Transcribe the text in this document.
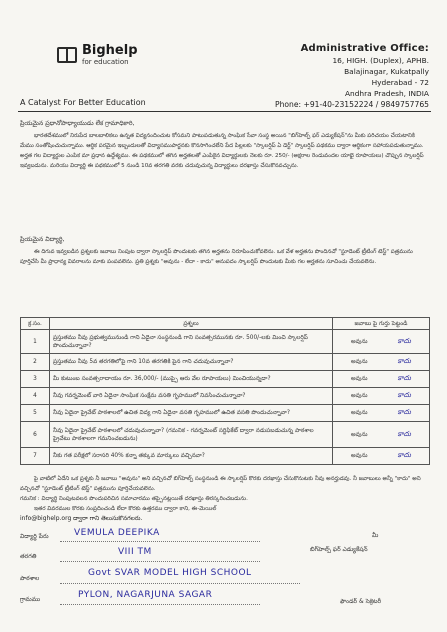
Bighelp
for education
A Catalyst For Better Education
Administrative Office:
16, HIGH. (Duplex), APHB.
Balajinagar, Kukatpally
Hyderabad - 72
Andhra Pradesh, INDIA
Phone: +91-40-23152224 / 9849757765
ప్రియమైన ప్రధానోపాధ్యాయుడు లేక గ్రామాధికారి,
భారతదేశములో నిరుపేద బాలబాలికలు ఉన్నత విద్యనందించుట కోసమని పాటుపడుతున్న సాంఘిక సేవా సంస్థ అయిన "బిగ్‌హెల్ప్ ఫర్ ఎడ్యుకేషన్"ను మీకు పరిచయం చేయటానికి మేము సంతోషించుచున్నాము. ఆర్థిక పరమైన ఇబ్బందులతో విద్యాసముపార్జనకు కొనసాగించలేని పేద పిల్లలకు "స్కాలర్షిప్ ఏ డెర్ట్" స్కాలర్షిప్ పథకము ద్వారా ఆర్థికంగా సహాయపడుతున్నాము. అర్హత గల విద్యార్థుల ఎంపిక మా ప్రధాన ఉద్దేశ్యము. ఈ పథకములో తగిన అర్హతలతో ఎంపికైన విద్యార్థులకు నెలకు రూ. 250/- (అక్షరాల రెండువందల యాభై రూపాయలు) చొప్పున స్కాలర్షిప్ ఇవ్వబడును. మరియు విద్యార్థి ఈ పథకములో 5 నుండి 10వ తరగతి వరకు చదువుచున్న విద్యార్థులు దరఖాస్తు చేసుకొనవచ్చును.
ప్రియమైన విద్యార్థి,
ఈ దిగువ ఇవ్వబడిన ప్రశ్నలకు జవాబు నింపుట ద్వారా స్కాలర్షిప్ పొందుటకు తగిన అర్హతను నిరూపించుకోవలెను. ఒక వేళ అర్హతను పొందినచో "స్టూడెంట్ ట్రీటింగ్ టెస్ట్" పత్రమును పూర్తిచేసి మీ ప్రాధాన్య వివరాలను మాకు పంపవలెను. ప్రతి ప్రశ్నకు "అవును - లేదా - కాదు" అనుపదం స్కాలర్షిప్ పొందుటకు మీకు గల అర్హతను సూచించు చేయవలెను.
క్ర.సం.	ప్రశ్నలు	జవాబు పై గుర్తు పెట్టండి
1	ప్రస్తుతము నీవు ప్రభుత్వమునుండి గాని ఏదైనా సంస్థనుండి గాని సంవత్సరమునకు రూ. 500/-లకు మించి స్కాలర్షిప్ పొందుచున్నావా?	అవును కాదు

2	ప్రస్తుతము నీవు 5వ తరగతిలోపై గాని 10వ తరగతికి పైన గాని చదువుచున్నావా?	అవును కాదు

3	మీ కుటుంబ సంవత్సరాదాయం రూ. 36,000/- (ముప్పై ఆరు వేల రూపాయలు) మించియున్నదా?	అవును కాదు

4	నీవు గవర్నమెంట్ వారి ఏదైనా సాంఘిక సంక్షేమ వసతి గృహములో నివసించుచున్నావా?	అవును కాదు

5	నీవు ఏదైనా ప్రైవేట్ పాఠశాలలో ఉచిత విద్య గాని ఏదైనా వసతి గృహములో ఉచిత వసతి పొందుచున్నావా?	అవును కాదు

6	నీవు ఏదైనా ప్రైవేట్ పాఠశాలలో చదువుచున్నావా? (గమనిక - గవర్నమెంట్ సర్టిఫికేట్ ద్వారా నడుపబడుచున్న పాఠశాల ప్రైవేటు పాఠశాలగా గమనించబడును)	అవును కాదు

7	నీకు గత పరీక్షలో సరాసరి 40% కన్నా తక్కువ మార్కులు వచ్చినవా?	అవును కాదు
పై వాటిలో ఏదేని ఒక ప్రశ్నకు నీ జవాబు "అవును" అని వచ్చినచో బిగ్‌హెల్ప్ సంస్థనుండి ఈ స్కాలర్షిప్ కొరకు దరఖాస్తు చేసుకొనుటకు నీవు అనర్హుడవు. నీ జవాబులు అన్నీ "కాదు" అని వచ్చినచో "స్టూడెంట్ ట్రీటింగ్ టెస్ట్" పత్రమును పూర్తిచేయవలెను.
గమనిక : విద్యార్థి నింపుటవలన పొందుపరిచిన సమాచారము తప్పైనట్లయితే దరఖాస్తు తిరస్కరించబడును.
ఇతర వివరముల కొరకు సంప్రదించండి లేదా కొరకు ఉత్తరము ద్వారా కాని, ఈ-మెయిల్
info@bighelp.org ద్వారా గాని తెలుసుకొనగలరు.
విద్యార్థి పేరు	VEMULA DEEPIKA
తరగతి	VIII TM
పాఠశాల
Govt SVAR MODEL HIGH SCHOOL
గ్రామము	PYLON, NAGARJUNA SAGAR
మీ
బిగ్‌హెల్ప్ ఫర్ ఎడ్యుకేషన్
ఫౌండర్ & సెక్రెటరీ
